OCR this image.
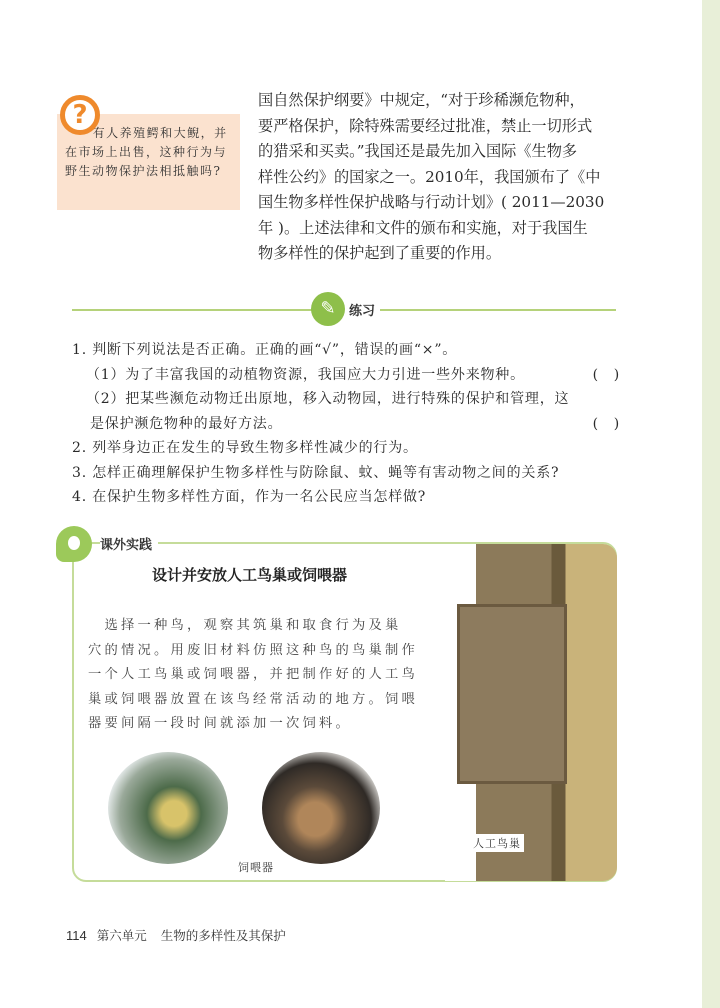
?

有人养殖鳄和大鲵，并在市场上出售，这种行为与野生动物保护法相抵触吗?

国自然保护纲要》中规定，“对于珍稀濒危物种，
要严格保护，除特殊需要经过批准，禁止一切形式
的猎采和买卖。”我国还是最先加入国际《生物多
样性公约》的国家之一。2010年，我国颁布了《中
国生物多样性保护战略与行动计划》( 2011—2030
年 )。上述法律和文件的颁布和实施，对于我国生
物多样性的保护起到了重要的作用。
✎	练习
1. 判断下列说法是否正确。正确的画“√”，错误的画“×”。
（1）为了丰富我国的动植物资源，我国应大力引进一些外来物种。	(　)
（2）把某些濒危动物迁出原地，移入动物园，进行特殊的保护和管理，这
是保护濒危物种的最好方法。	(　)
2. 列举身边正在发生的导致生物多样性减少的行为。
3. 怎样正确理解保护生物多样性与防除鼠、蚊、蝇等有害动物之间的关系?
4. 在保护生物多样性方面，作为一名公民应当怎样做?
课外实践
设计并安放人工鸟巢或饲喂器
　选择一种鸟，观察其筑巢和取食行为及巢
穴的情况。用废旧材料仿照这种鸟的鸟巢制作
一个人工鸟巢或饲喂器，并把制作好的人工鸟
巢或饲喂器放置在该鸟经常活动的地方。饲喂
器要间隔一段时间就添加一次饲料。
饲喂器
人工鸟巢
114 第六单元 生物的多样性及其保护
